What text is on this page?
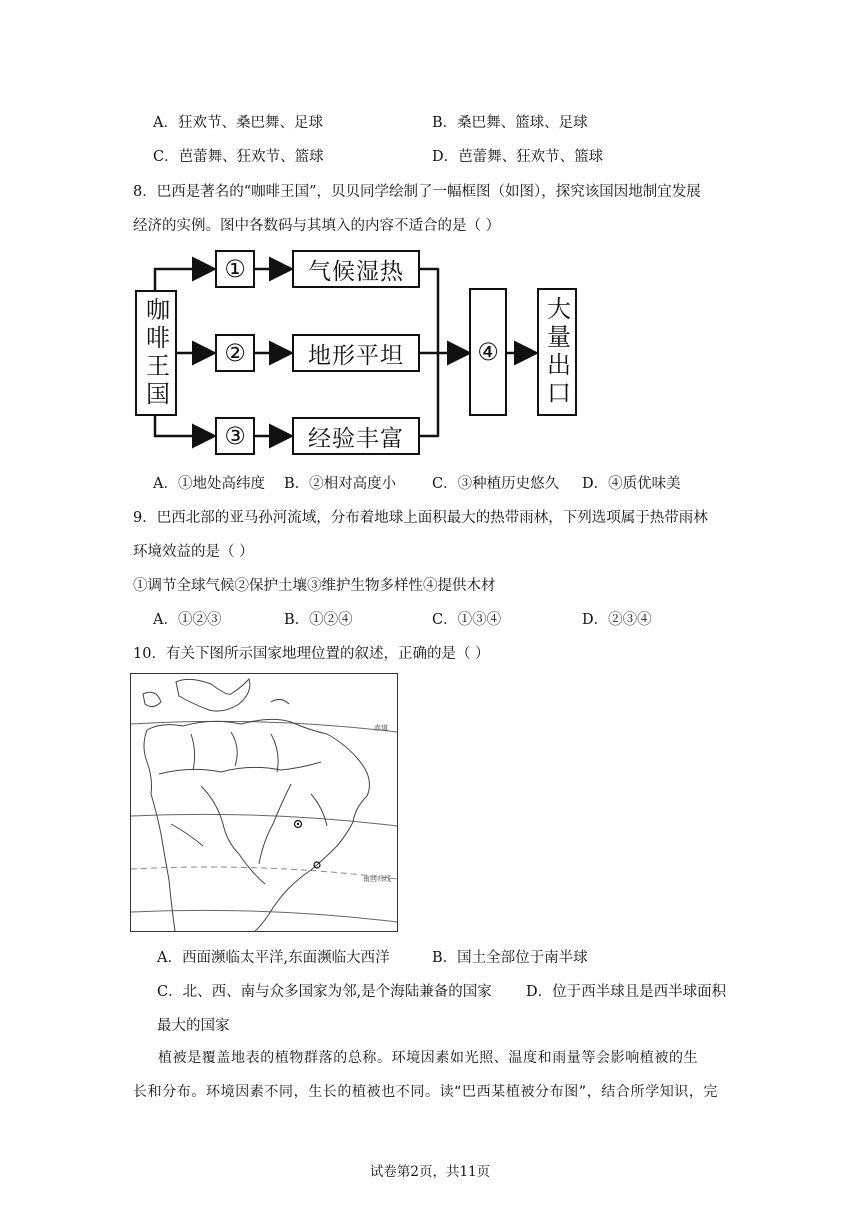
A．狂欢节、桑巴舞、足球	B．桑巴舞、篮球、足球
C．芭蕾舞、狂欢节、篮球	D．芭蕾舞、狂欢节、篮球
8．巴西是著名的“咖啡王国”，贝贝同学绘制了一幅框图（如图），探究该国因地制宜发展
经济的实例。图中各数码与其填入的内容不适合的是（ ）
咖啡王国
①
②
③
气候湿热
地形平坦
经验丰富
④	大量出口
A．①地处高纬度 B．②相对高度小 C．③种植历史悠久 D．④质优味美
9．巴西北部的亚马孙河流域，分布着地球上面积最大的热带雨林，下列选项属于热带雨林
环境效益的是（ ）
①调节全球气候②保护土壤③维护生物多样性④提供木材
A．①②③	B．①②④	C．①③④	D．②③④
10．有关下图所示国家地理位置的叙述，正确的是（ ）
赤道
南回归线
A．西面濒临太平洋,东面濒临大西洋	B．国土全部位于南半球
C．北、西、南与众多国家为邻,是个海陆兼备的国家 D．位于西半球且是西半球面积
最大的国家
植被是覆盖地表的植物群落的总称。环境因素如光照、温度和雨量等会影响植被的生
长和分布。环境因素不同，生长的植被也不同。读“巴西某植被分布图”，结合所学知识，完
试卷第2页，共11页
